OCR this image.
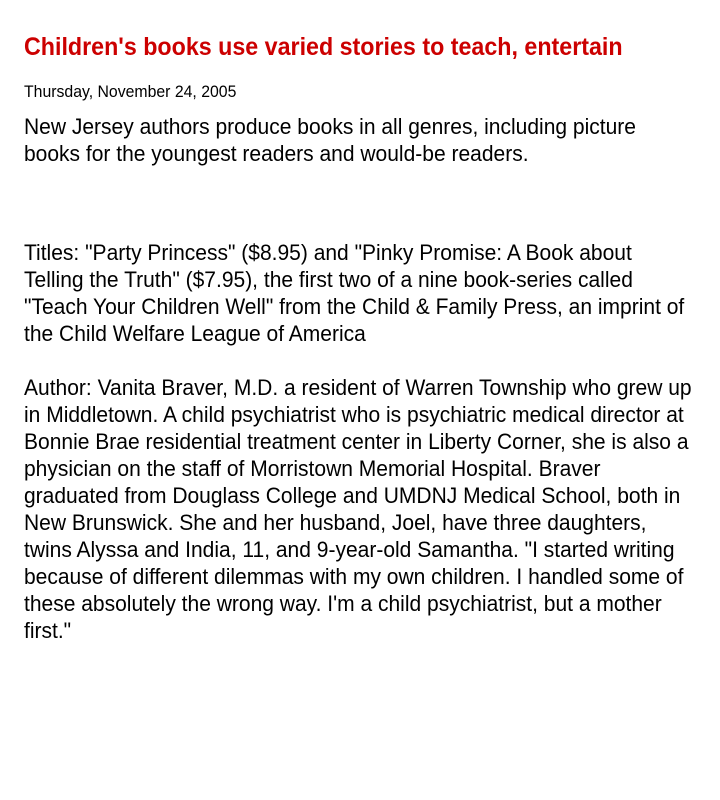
Children's books use varied stories to teach, entertain
Thursday, November 24, 2005

New Jersey authors produce books in all genres, including picture books for the youngest readers and would-be readers.

Titles: "Party Princess" ($8.95) and "Pinky Promise: A Book about Telling the Truth" ($7.95), the first two of a nine book-series called "Teach Your Children Well" from the Child & Family Press, an imprint of the Child Welfare League of America

Author: Vanita Braver, M.D. a resident of Warren Township who grew up in Middletown. A child psychiatrist who is psychiatric medical director at Bonnie Brae residential treatment center in Liberty Corner, she is also a physician on the staff of Morristown Memorial Hospital. Braver graduated from Douglass College and UMDNJ Medical School, both in New Brunswick. She and her husband, Joel, have three daughters, twins Alyssa and India, 11, and 9-year-old Samantha. "I started writing because of different dilemmas with my own children. I handled some of these absolutely the wrong way. I'm a child psychiatrist, but a mother first."
